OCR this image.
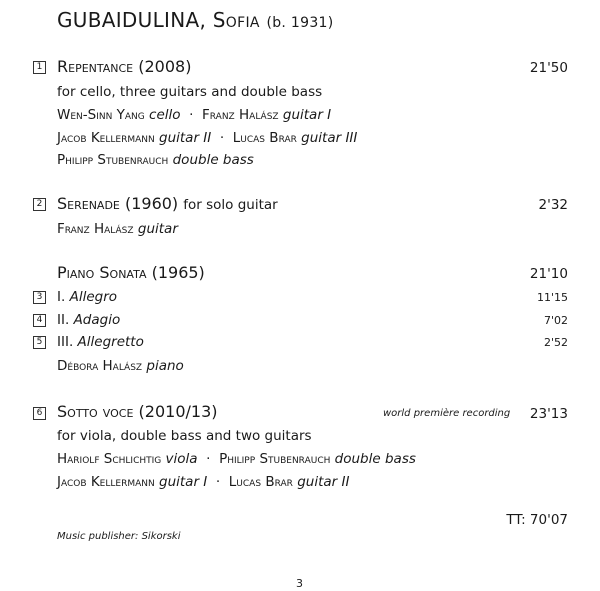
GUBAIDULINA, Sofia (b. 1931)
1 Repentance (2008)	21'50
for cello, three guitars and double bass
Wen-Sinn Yang cello · Franz Halász guitar I
Jacob Kellermann guitar II · Lucas Brar guitar III
Philipp Stubenrauch double bass
2 Serenade (1960) for solo guitar	2'32
Franz Halász guitar
Piano Sonata (1965)	21'10
3 I. Allegro	11'15
4 II. Adagio	7'02
5 III. Allegretto	2'52
Débora Halász piano
6 Sotto voce (2010/13)	world première recording 23'13
for viola, double bass and two guitars
Hariolf Schlichtig viola · Philipp Stubenrauch double bass
Jacob Kellermann guitar I · Lucas Brar guitar II
TT: 70'07
Music publisher: Sikorski
3
